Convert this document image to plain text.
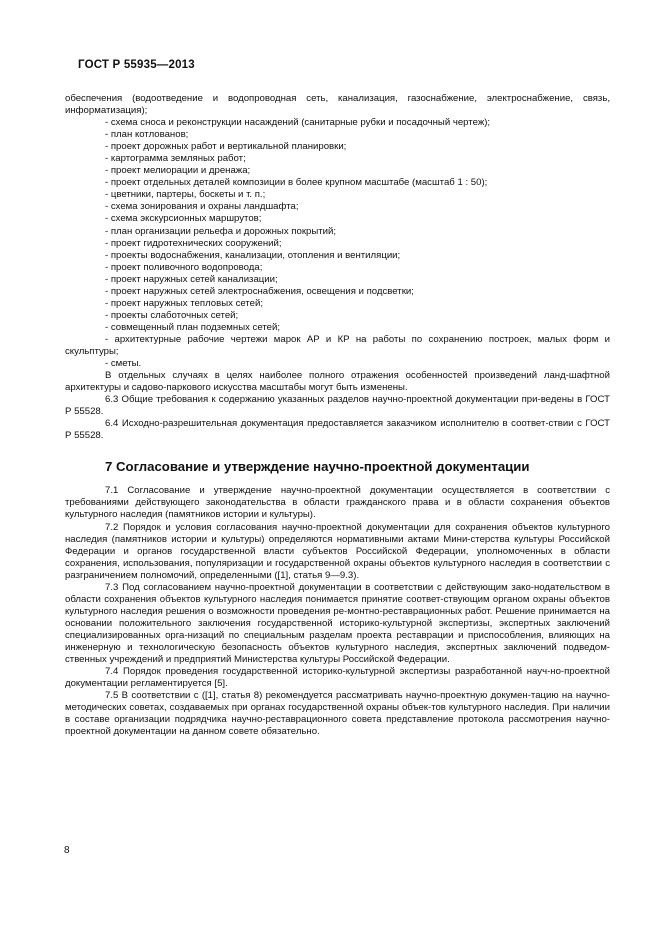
ГОСТ Р 55935—2013
обеспечения (водоотведение и водопроводная сеть, канализация, газоснабжение, электроснабжение, связь, информатизация);
- схема сноса и реконструкции насаждений (санитарные рубки и посадочный чертеж);
- план котлованов;
- проект дорожных работ и вертикальной планировки;
- картограмма земляных работ;
- проект мелиорации и дренажа;
- проект отдельных деталей композиции в более крупном масштабе (масштаб 1 : 50);
- цветники, партеры, боскеты и т. п.;
- схема зонирования и охраны ландшафта;
- схема экскурсионных маршрутов;
- план организации рельефа и дорожных покрытий;
- проект гидротехнических сооружений;
- проекты водоснабжения, канализации, отопления и вентиляции;
- проект поливочного водопровода;
- проект наружных сетей канализации;
- проект наружных сетей электроснабжения, освещения и подсветки;
- проект наружных тепловых сетей;
- проекты слаботочных сетей;
- совмещенный план подземных сетей;
- архитектурные рабочие чертежи марок АР и КР на работы по сохранению построек, малых форм и скульптуры;
- сметы.
В отдельных случаях в целях наиболее полного отражения особенностей произведений ланд-шафтной архитектуры и садово-паркового искусства масштабы могут быть изменены.
6.3 Общие требования к содержанию указанных разделов научно-проектной документации при-ведены в ГОСТ Р 55528.
6.4 Исходно-разрешительная документация предоставляется заказчиком исполнителю в соответ-ствии с ГОСТ Р 55528.
7 Согласование и утверждение научно-проектной документации
7.1 Согласование и утверждение научно-проектной документации осуществляется в соответствии с требованиями действующего законодательства в области гражданского права и в области сохранения объектов культурного наследия (памятников истории и культуры).
7.2 Порядок и условия согласования научно-проектной документации для сохранения объектов культурного наследия (памятников истории и культуры) определяются нормативными актами Мини-стерства культуры Российской Федерации и органов государственной власти субъектов Российской Федерации, уполномоченных в области сохранения, использования, популяризации и государственной охраны объектов культурного наследия в соответствии с разграничением полномочий, определенными ([1], статья 9—9.3).
7.3 Под согласованием научно-проектной документации в соответствии с действующим зако-нодательством в области сохранения объектов культурного наследия понимается принятие соответ-ствующим органом охраны объектов культурного наследия решения о возможности проведения ре-монтно-реставрационных работ. Решение принимается на основании положительного заключения государственной историко-культурной экспертизы, экспертных заключений специализированных орга-низаций по специальным разделам проекта реставрации и приспособления, влияющих на инженерную и технологическую безопасность объектов культурного наследия, экспертных заключений подведом-ственных учреждений и предприятий Министерства культуры Российской Федерации.
7.4 Порядок проведения государственной историко-культурной экспертизы разработанной науч-но-проектной документации регламентируется [5].
7.5 В соответствии с ([1], статья 8) рекомендуется рассматривать научно-проектную докумен-тацию на научно-методических советах, создаваемых при органах государственной охраны объек-тов культурного наследия. При наличии в составе организации подрядчика научно-реставрационного совета представление протокола рассмотрения научно-проектной документации на данном совете обязательно.
8
